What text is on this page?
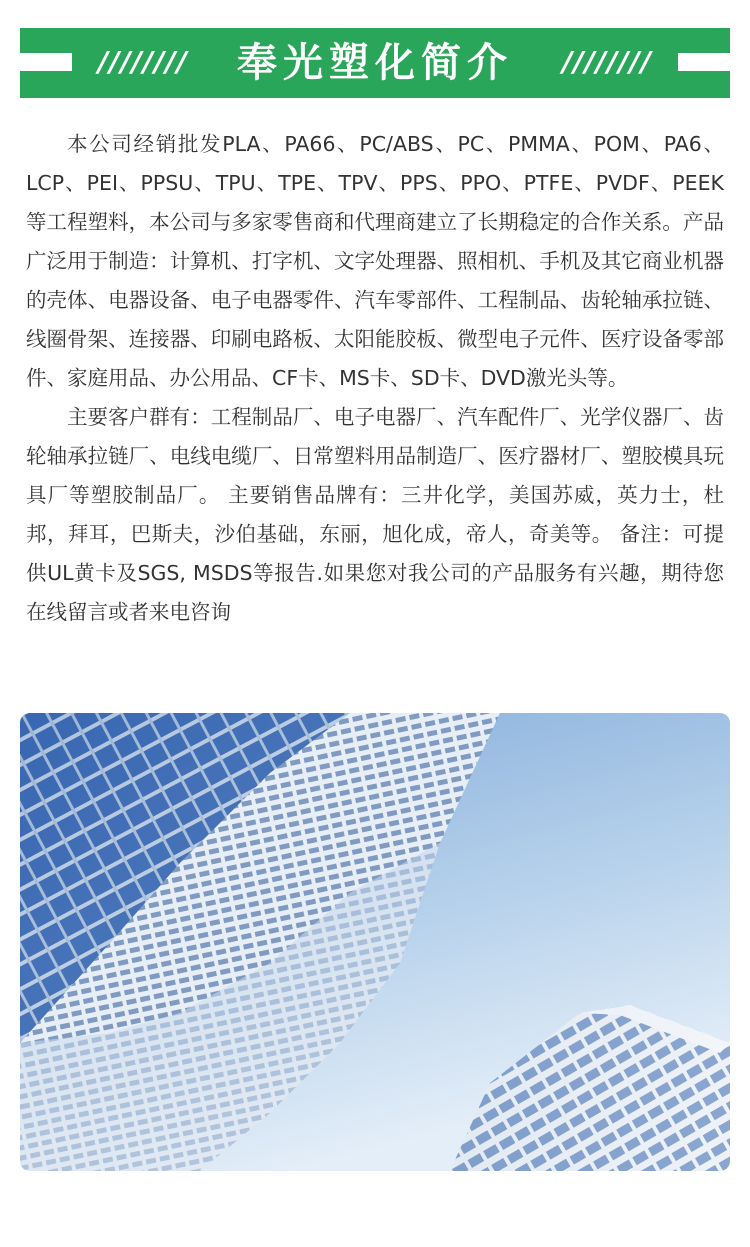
////////	////////
奉光塑化简介

本公司经销批发PLA、PA66、PC/ABS、PC、PMMA、POM、PA6、LCP、PEI、PPSU、TPU、TPE、TPV、PPS、PPO、PTFE、PVDF、PEEK等工程塑料，本公司与多家零售商和代理商建立了长期稳定的合作关系。产品广泛用于制造：计算机、打字机、文字处理器、照相机、手机及其它商业机器的壳体、电器设备、电子电器零件、汽车零部件、工程制品、齿轮轴承拉链、线圈骨架、连接器、印刷电路板、太阳能胶板、微型电子元件、医疗设备零部件、家庭用品、办公用品、CF卡、MS卡、SD卡、DVD激光头等。

主要客户群有：工程制品厂、电子电器厂、汽车配件厂、光学仪器厂、齿轮轴承拉链厂、电线电缆厂、日常塑料用品制造厂、医疗器材厂、塑胶模具玩具厂等塑胶制品厂。 主要销售品牌有：三井化学，美国苏威，英力士，杜邦，拜耳，巴斯夫，沙伯基础，东丽，旭化成，帝人，奇美等。 备注：可提供UL黄卡及SGS, MSDS等报告.如果您对我公司的产品服务有兴趣，期待您在线留言或者来电咨询
